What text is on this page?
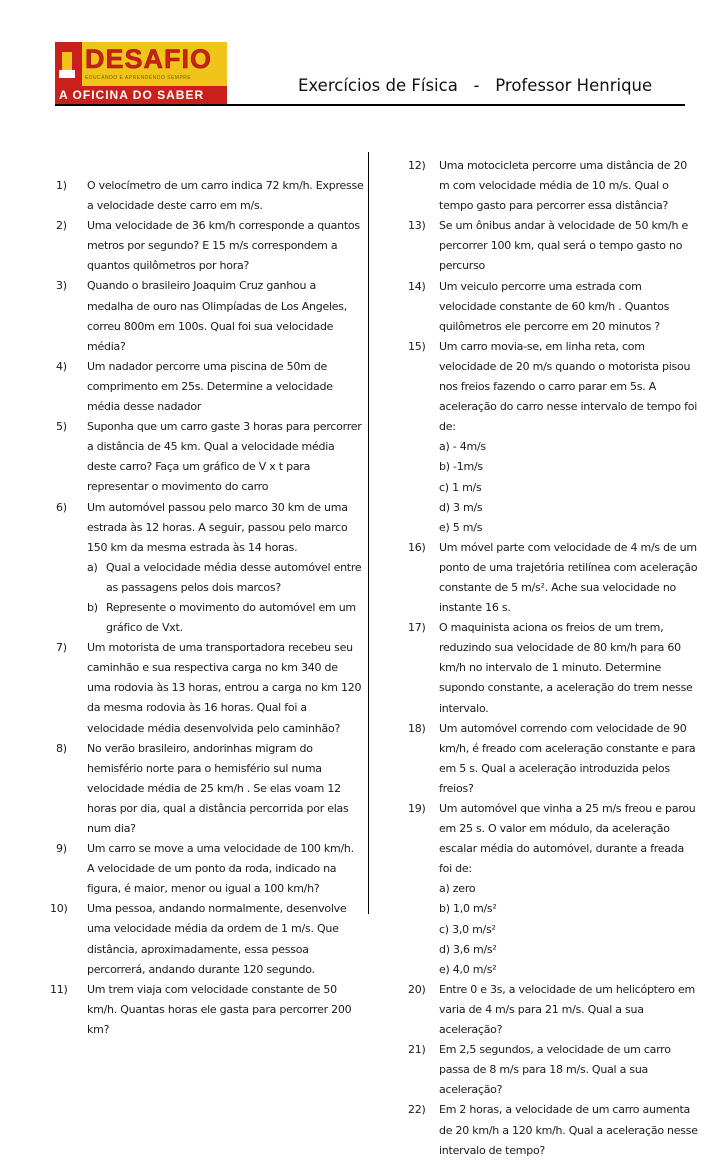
DESAFIO
EDUCANDO E APRENDENDO SEMPRE
A OFICINA DO SABER	Exercícios de Física   -   Professor Henrique
1) O velocímetro de um carro indica 72 km/h. Expresse a velocidade deste carro em m/s.
2) Uma velocidade de 36 km/h corresponde a quantos metros por segundo? E 15 m/s correspondem a quantos quilômetros por hora?
3) Quando o brasileiro Joaquim Cruz ganhou a medalha de ouro nas Olimpíadas de Los Angeles, correu 800m em 100s. Qual foi sua velocidade média?
4) Um nadador percorre uma piscina de 50m de comprimento em 25s. Determine a velocidade média desse nadador
5) Suponha que um carro gaste 3 horas para percorrer a distância de 45 km. Qual a velocidade média deste carro? Faça um gráfico de V x t para representar o movimento do carro
6) Um automóvel passou pelo marco 30 km de uma estrada às 12 horas. A seguir, passou pelo marco 150 km da mesma estrada às 14 horas.
a) Qual a velocidade média desse automóvel entre as passagens pelos dois marcos?
b) Represente o movimento do automóvel em um gráfico de Vxt.
7) Um motorista de uma transportadora recebeu seu caminhão e sua respectiva carga no km 340 de uma rodovia às 13 horas, entrou a carga no km 120 da mesma rodovia às 16 horas. Qual foi a velocidade média desenvolvida pelo caminhão?
8) No verão brasileiro, andorinhas migram do hemisfério norte para o hemisfério sul numa velocidade média de 25 km/h . Se elas voam 12 horas por dia, qual a distância percorrida por elas num dia?
9) Um carro se move a uma velocidade de 100 km/h. A velocidade de um ponto da roda, indicado na figura, é maior, menor ou igual a 100 km/h?
10) Uma pessoa, andando normalmente, desenvolve uma velocidade média da ordem de 1 m/s. Que distância, aproximadamente, essa pessoa percorrerá, andando durante 120 segundo.
11) Um trem viaja com velocidade constante de 50 km/h. Quantas horas ele gasta para percorrer 200 km?
12) Uma motocicleta percorre uma distância de 20 m com velocidade média de 10 m/s. Qual o tempo gasto para percorrer essa distância?
13) Se um ônibus andar à velocidade de 50 km/h e percorrer 100 km, qual será o tempo gasto no percurso
14) Um veiculo percorre uma estrada com velocidade constante de 60 km/h . Quantos quilômetros ele percorre em 20 minutos ?
15) Um carro movia-se, em linha reta, com velocidade de 20 m/s quando o motorista pisou nos freios fazendo o carro parar em 5s. A aceleração do carro nesse intervalo de tempo foi de:
a) - 4m/s
b) -1m/s
c) 1 m/s
d) 3 m/s
e) 5 m/s
16) Um móvel parte com velocidade de 4 m/s de um ponto de uma trajetória retilínea com aceleração constante de 5 m/s². Ache sua velocidade no instante 16 s.
17) O maquinista aciona os freios de um trem, reduzindo sua velocidade de 80 km/h para 60 km/h no intervalo de 1 minuto. Determine supondo constante, a aceleração do trem nesse intervalo.
18) Um automóvel correndo com velocidade de 90 km/h, é freado com aceleração constante e para em 5 s. Qual a aceleração introduzida pelos freios?
19) Um automóvel que vinha a 25 m/s freou e parou em 25 s. O valor em módulo, da aceleração escalar média do automóvel, durante a freada foi de:
a) zero
b) 1,0 m/s²
c) 3,0 m/s²
d) 3,6 m/s²
e) 4,0 m/s²
20) Entre 0 e 3s, a velocidade de um helicóptero em varia de 4 m/s para 21 m/s. Qual a sua aceleração?
21) Em 2,5 segundos, a velocidade de um carro passa de 8 m/s para 18 m/s. Qual a sua aceleração?
22) Em 2 horas, a velocidade de um carro aumenta de 20 km/h a 120 km/h. Qual a aceleração nesse intervalo de tempo?
